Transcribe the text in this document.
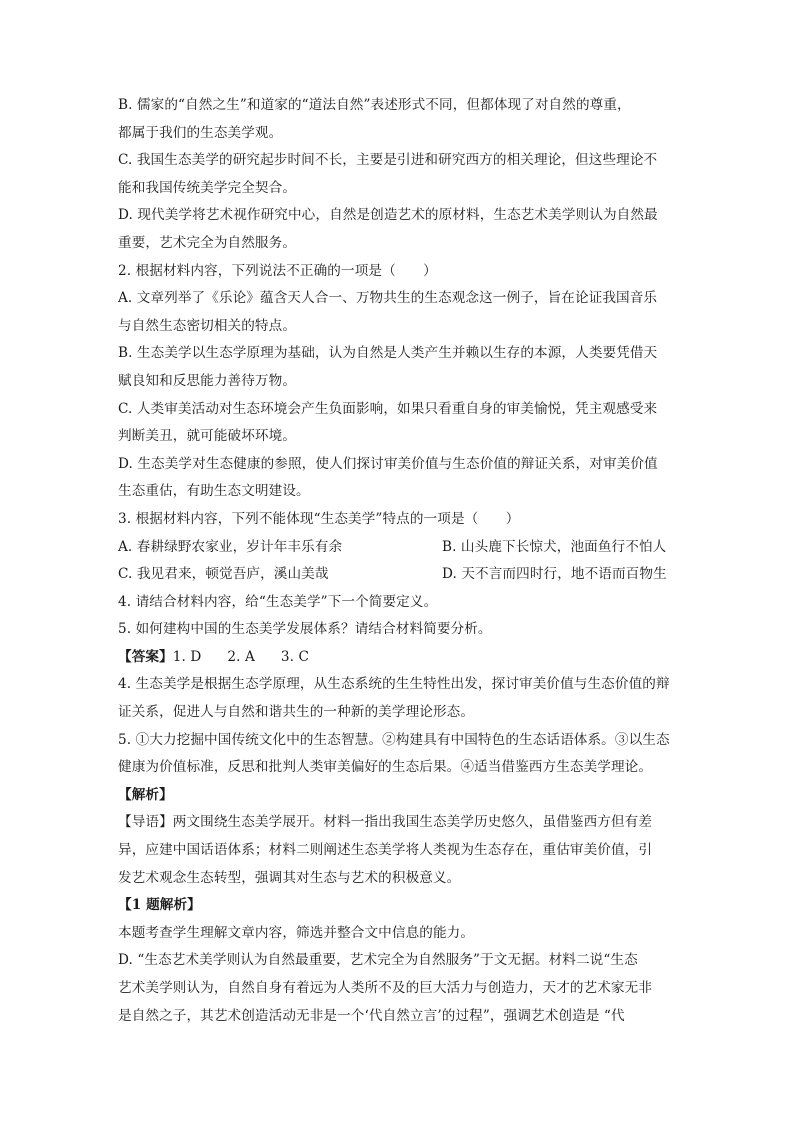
B. 儒家的“自然之生”和道家的“道法自然”表述形式不同，但都体现了对自然的尊重，

都属于我们的生态美学观。

C. 我国生态美学的研究起步时间不长，主要是引进和研究西方的相关理论，但这些理论不

能和我国传统美学完全契合。

D. 现代美学将艺术视作研究中心，自然是创造艺术的原材料，生态艺术美学则认为自然最

重要，艺术完全为自然服务。

2. 根据材料内容，下列说法不正确的一项是（　　）

A. 文章列举了《乐论》蕴含天人合一、万物共生的生态观念这一例子，旨在论证我国音乐

与自然生态密切相关的特点。

B. 生态美学以生态学原理为基础，认为自然是人类产生并赖以生存的本源，人类要凭借天

赋良知和反思能力善待万物。

C. 人类审美活动对生态环境会产生负面影响，如果只看重自身的审美愉悦，凭主观感受来

判断美丑，就可能破坏环境。

D. 生态美学对生态健康的参照，使人们探讨审美价值与生态价值的辩证关系，对审美价值

生态重估，有助生态文明建设。

3. 根据材料内容，下列不能体现“生态美学”特点的一项是（　　）

A. 春耕绿野农家业，岁计年丰乐有余	B. 山头鹿下长惊犬，池面鱼行不怕人
C. 我见君来，顿觉吾庐，溪山美哉	D. 天不言而四时行，地不语而百物生

4. 请结合材料内容，给“生态美学”下一个简要定义。

5. 如何建构中国的生态美学发展体系？请结合材料简要分析。

【答案】1. D 2. A 3. C

4. 生态美学是根据生态学原理，从生态系统的生生特性出发，探讨审美价值与生态价值的辩

证关系，促进人与自然和谐共生的一种新的美学理论形态。

5. ①大力挖掘中国传统文化中的生态智慧。②构建具有中国特色的生态话语体系。③以生态

健康为价值标准，反思和批判人类审美偏好的生态后果。④适当借鉴西方生态美学理论。

【解析】

【导语】两文围绕生态美学展开。材料一指出我国生态美学历史悠久，虽借鉴西方但有差

异，应建中国话语体系；材料二则阐述生态美学将人类视为生态存在，重估审美价值，引

发艺术观念生态转型，强调其对生态与艺术的积极意义。

【1 题解析】

本题考查学生理解文章内容，筛选并整合文中信息的能力。

D. “生态艺术美学则认为自然最重要，艺术完全为自然服务”于文无据。材料二说“生态

艺术美学则认为，自然自身有着远为人类所不及的巨大活力与创造力，天才的艺术家无非

是自然之子，其艺术创造活动无非是一个‘代自然立言’的过程”，强调艺术创造是 “代
